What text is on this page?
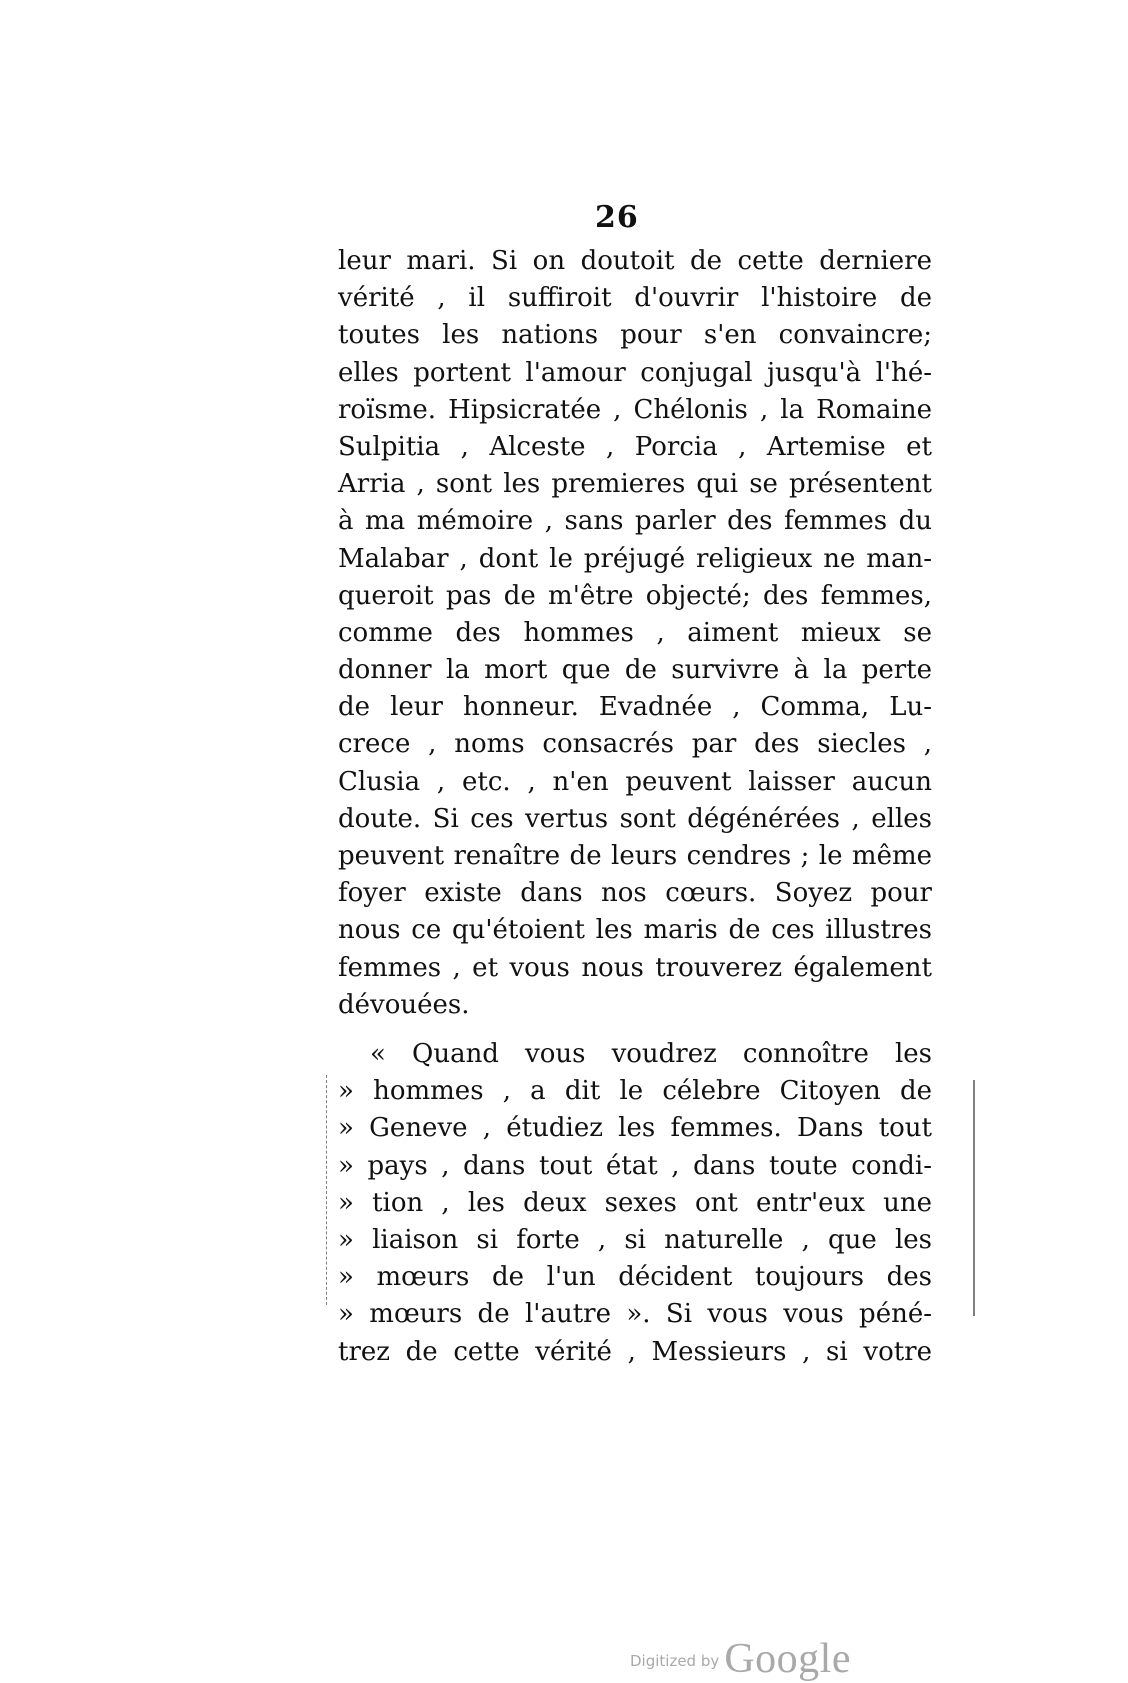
26
leur mari. Si on doutoit de cette derniere
vérité , il suffiroit d'ouvrir l'histoire de
toutes les nations pour s'en convaincre;
elles portent l'amour conjugal jusqu'à l'hé-
roïsme. Hipsicratée , Chélonis , la Romaine
Sulpitia , Alceste , Porcia , Artemise et
Arria , sont les premieres qui se présentent
à ma mémoire , sans parler des femmes du
Malabar , dont le préjugé religieux ne man-
queroit pas de m'être objecté; des femmes,
comme des hommes , aiment mieux se
donner la mort que de survivre à la perte
de leur honneur. Evadnée , Comma, Lu-
crece , noms consacrés par des siecles ,
Clusia , etc. , n'en peuvent laisser aucun
doute. Si ces vertus sont dégénérées , elles
peuvent renaître de leurs cendres ; le même
foyer existe dans nos cœurs. Soyez pour
nous ce qu'étoient les maris de ces illustres
femmes , et vous nous trouverez également
dévouées.
« Quand vous voudrez connoître les
» hommes , a dit le célebre Citoyen de
» Geneve , étudiez les femmes. Dans tout
» pays , dans tout état , dans toute condi-
» tion , les deux sexes ont entr'eux une
» liaison si forte , si naturelle , que les
» mœurs de l'un décident toujours des
» mœurs de l'autre ». Si vous vous péné-
trez de cette vérité , Messieurs , si votre
Digitized by Google
